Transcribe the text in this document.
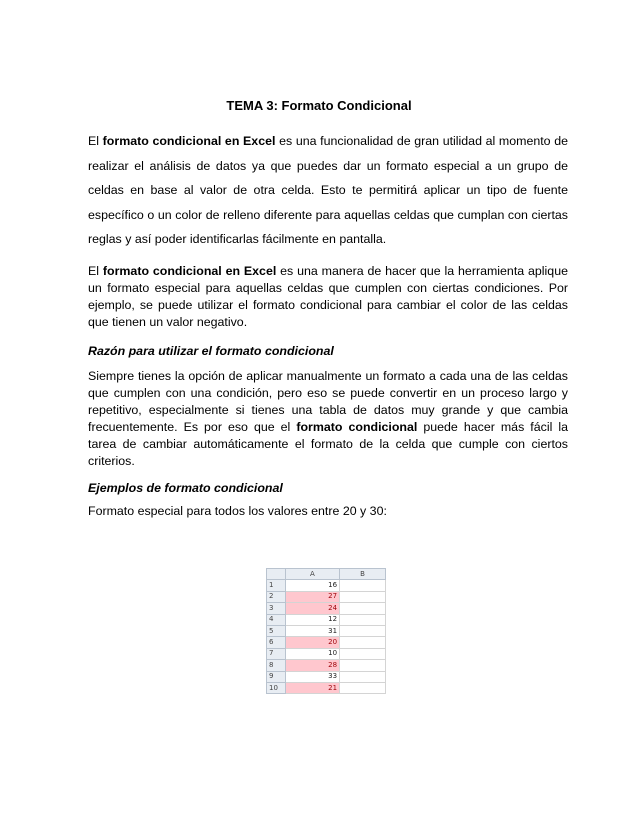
TEMA 3: Formato Condicional

El formato condicional en Excel es una funcionalidad de gran utilidad al momento de realizar el análisis de datos ya que puedes dar un formato especial a un grupo de celdas en base al valor de otra celda. Esto te permitirá aplicar un tipo de fuente específico o un color de relleno diferente para aquellas celdas que cumplan con ciertas reglas y así poder identificarlas fácilmente en pantalla.

El formato condicional en Excel es una manera de hacer que la herramienta aplique un formato especial para aquellas celdas que cumplen con ciertas condiciones. Por ejemplo, se puede utilizar el formato condicional para cambiar el color de las celdas que tienen un valor negativo.

Razón para utilizar el formato condicional

Siempre tienes la opción de aplicar manualmente un formato a cada una de las celdas que cumplen con una condición, pero eso se puede convertir en un proceso largo y repetitivo, especialmente si tienes una tabla de datos muy grande y que cambia frecuentemente. Es por eso que el formato condicional puede hacer más fácil la tarea de cambiar automáticamente el formato de la celda que cumple con ciertos criterios.

Ejemplos de formato condicional

Formato especial para todos los valores entre 20 y 30:

	A	B
1	16	
2	27	
3	24	
4	12	
5	31	
6	20	
7	10	
8	28	
9	33	
10	21	
